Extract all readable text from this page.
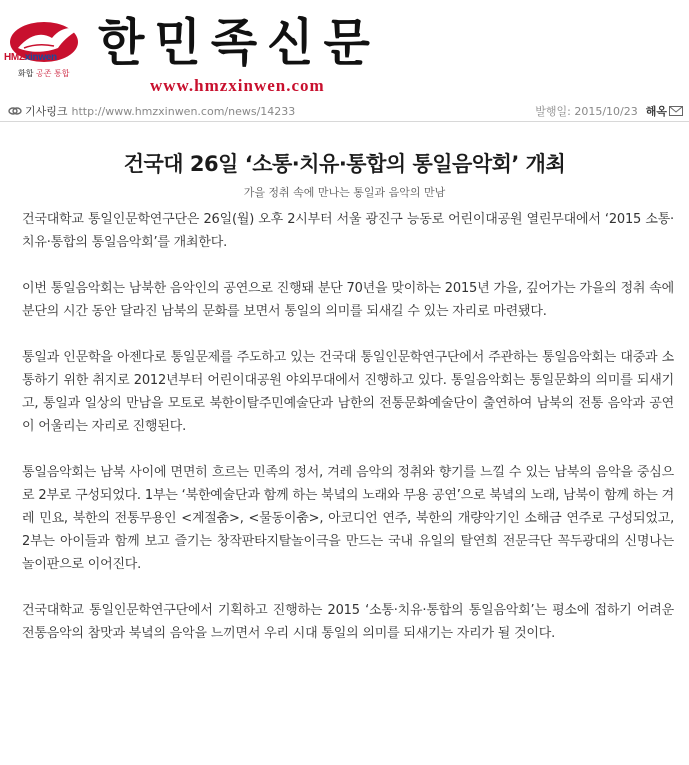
HMZxinwen
화합 공존 통합
한민족신문
www.hmzxinwen.com
기사링크 http://www.hmzxinwen.com/news/14233	발행일 : 2015/10/23 해옥
건국대 26일 ‘소통·치유·통합의 통일음악회’ 개최
가을 정취 속에 만나는 통일과 음악의 만남

건국대학교 통일인문학연구단은 26일(월) 오후 2시부터 서울 광진구 능동로 어린이대공원 열린무대에서 ‘2015 소통·치유·통합의 통일음악회’를 개최한다.

이번 통일음악회는 남북한 음악인의 공연으로 진행돼 분단 70년을 맞이하는 2015년 가을, 깊어가는 가을의 정취 속에 분단의 시간 동안 달라진 남북의 문화를 보면서 통일의 의미를 되새길 수 있는 자리로 마련됐다.

통일과 인문학을 아젠다로 통일문제를 주도하고 있는 건국대 통일인문학연구단에서 주관하는 통일음악회는 대중과 소통하기 위한 취지로 2012년부터 어린이대공원 야외무대에서 진행하고 있다. 통일음악회는 통일문화의 의미를 되새기고, 통일과 일상의 만남을 모토로 북한이탈주민예술단과 남한의 전통문화예술단이 출연하여 남북의 전통 음악과 공연이 어울리는 자리로 진행된다.

통일음악회는 남북 사이에 면면히 흐르는 민족의 정서, 겨레 음악의 정취와 향기를 느낄 수 있는 남북의 음악을 중심으로 2부로 구성되었다. 1부는 ‘북한예술단과 함께 하는 북녘의 노래와 무용 공연’으로 북녘의 노래, 남북이 함께 하는 겨레 민요, 북한의 전통무용인 <계절춤>, <물동이춤>, 아코디언 연주, 북한의 개량악기인 소해금 연주로 구성되었고, 2부는 아이들과 함께 보고 즐기는 창작판타지탈놀이극을 만드는 국내 유일의 탈연희 전문극단 꼭두광대의 신명나는 놀이판으로 이어진다.

건국대학교 통일인문학연구단에서 기획하고 진행하는 2015 ‘소통·치유·통합의 통일음악회’는 평소에 접하기 어려운 전통음악의 참맛과 북녘의 음악을 느끼면서 우리 시대 통일의 의미를 되새기는 자리가 될 것이다.
